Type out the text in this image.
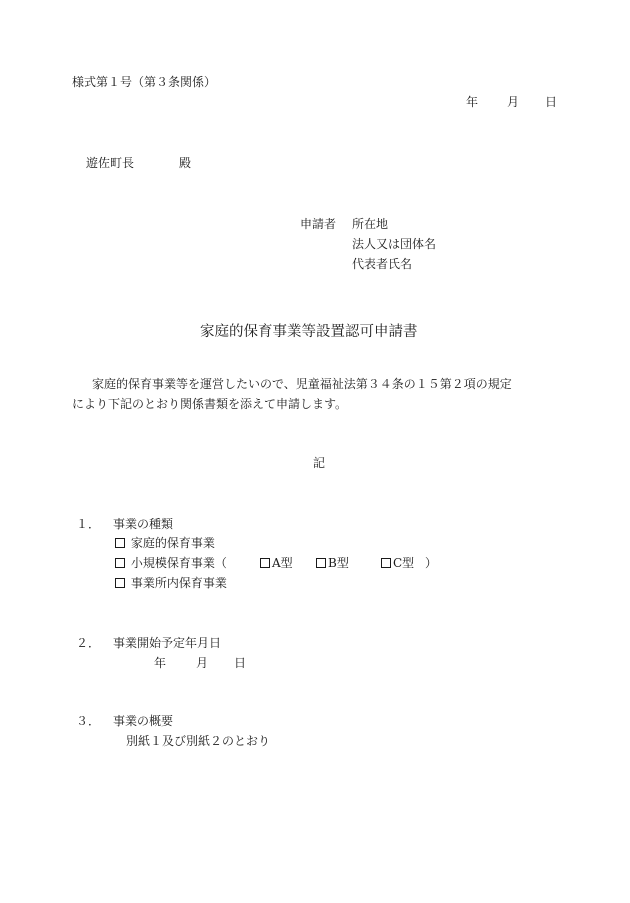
様式第１号（第３条関係）
年 月 日
遊佐町長	殿
申請者 所在地
法人又は団体名
代表者氏名
家庭的保育事業等設置認可申請書
家庭的保育事業等を運営したいので、児童福祉法第３４条の１５第２項の規定
により下記のとおり関係書類を添えて申請します。
記
１． 事業の種類
家庭的保育事業
小規模保育事業（	A型	B型	C型 ）
事業所内保育事業
２． 事業開始予定年月日
年 月 日
３． 事業の概要
別紙１及び別紙２のとおり
